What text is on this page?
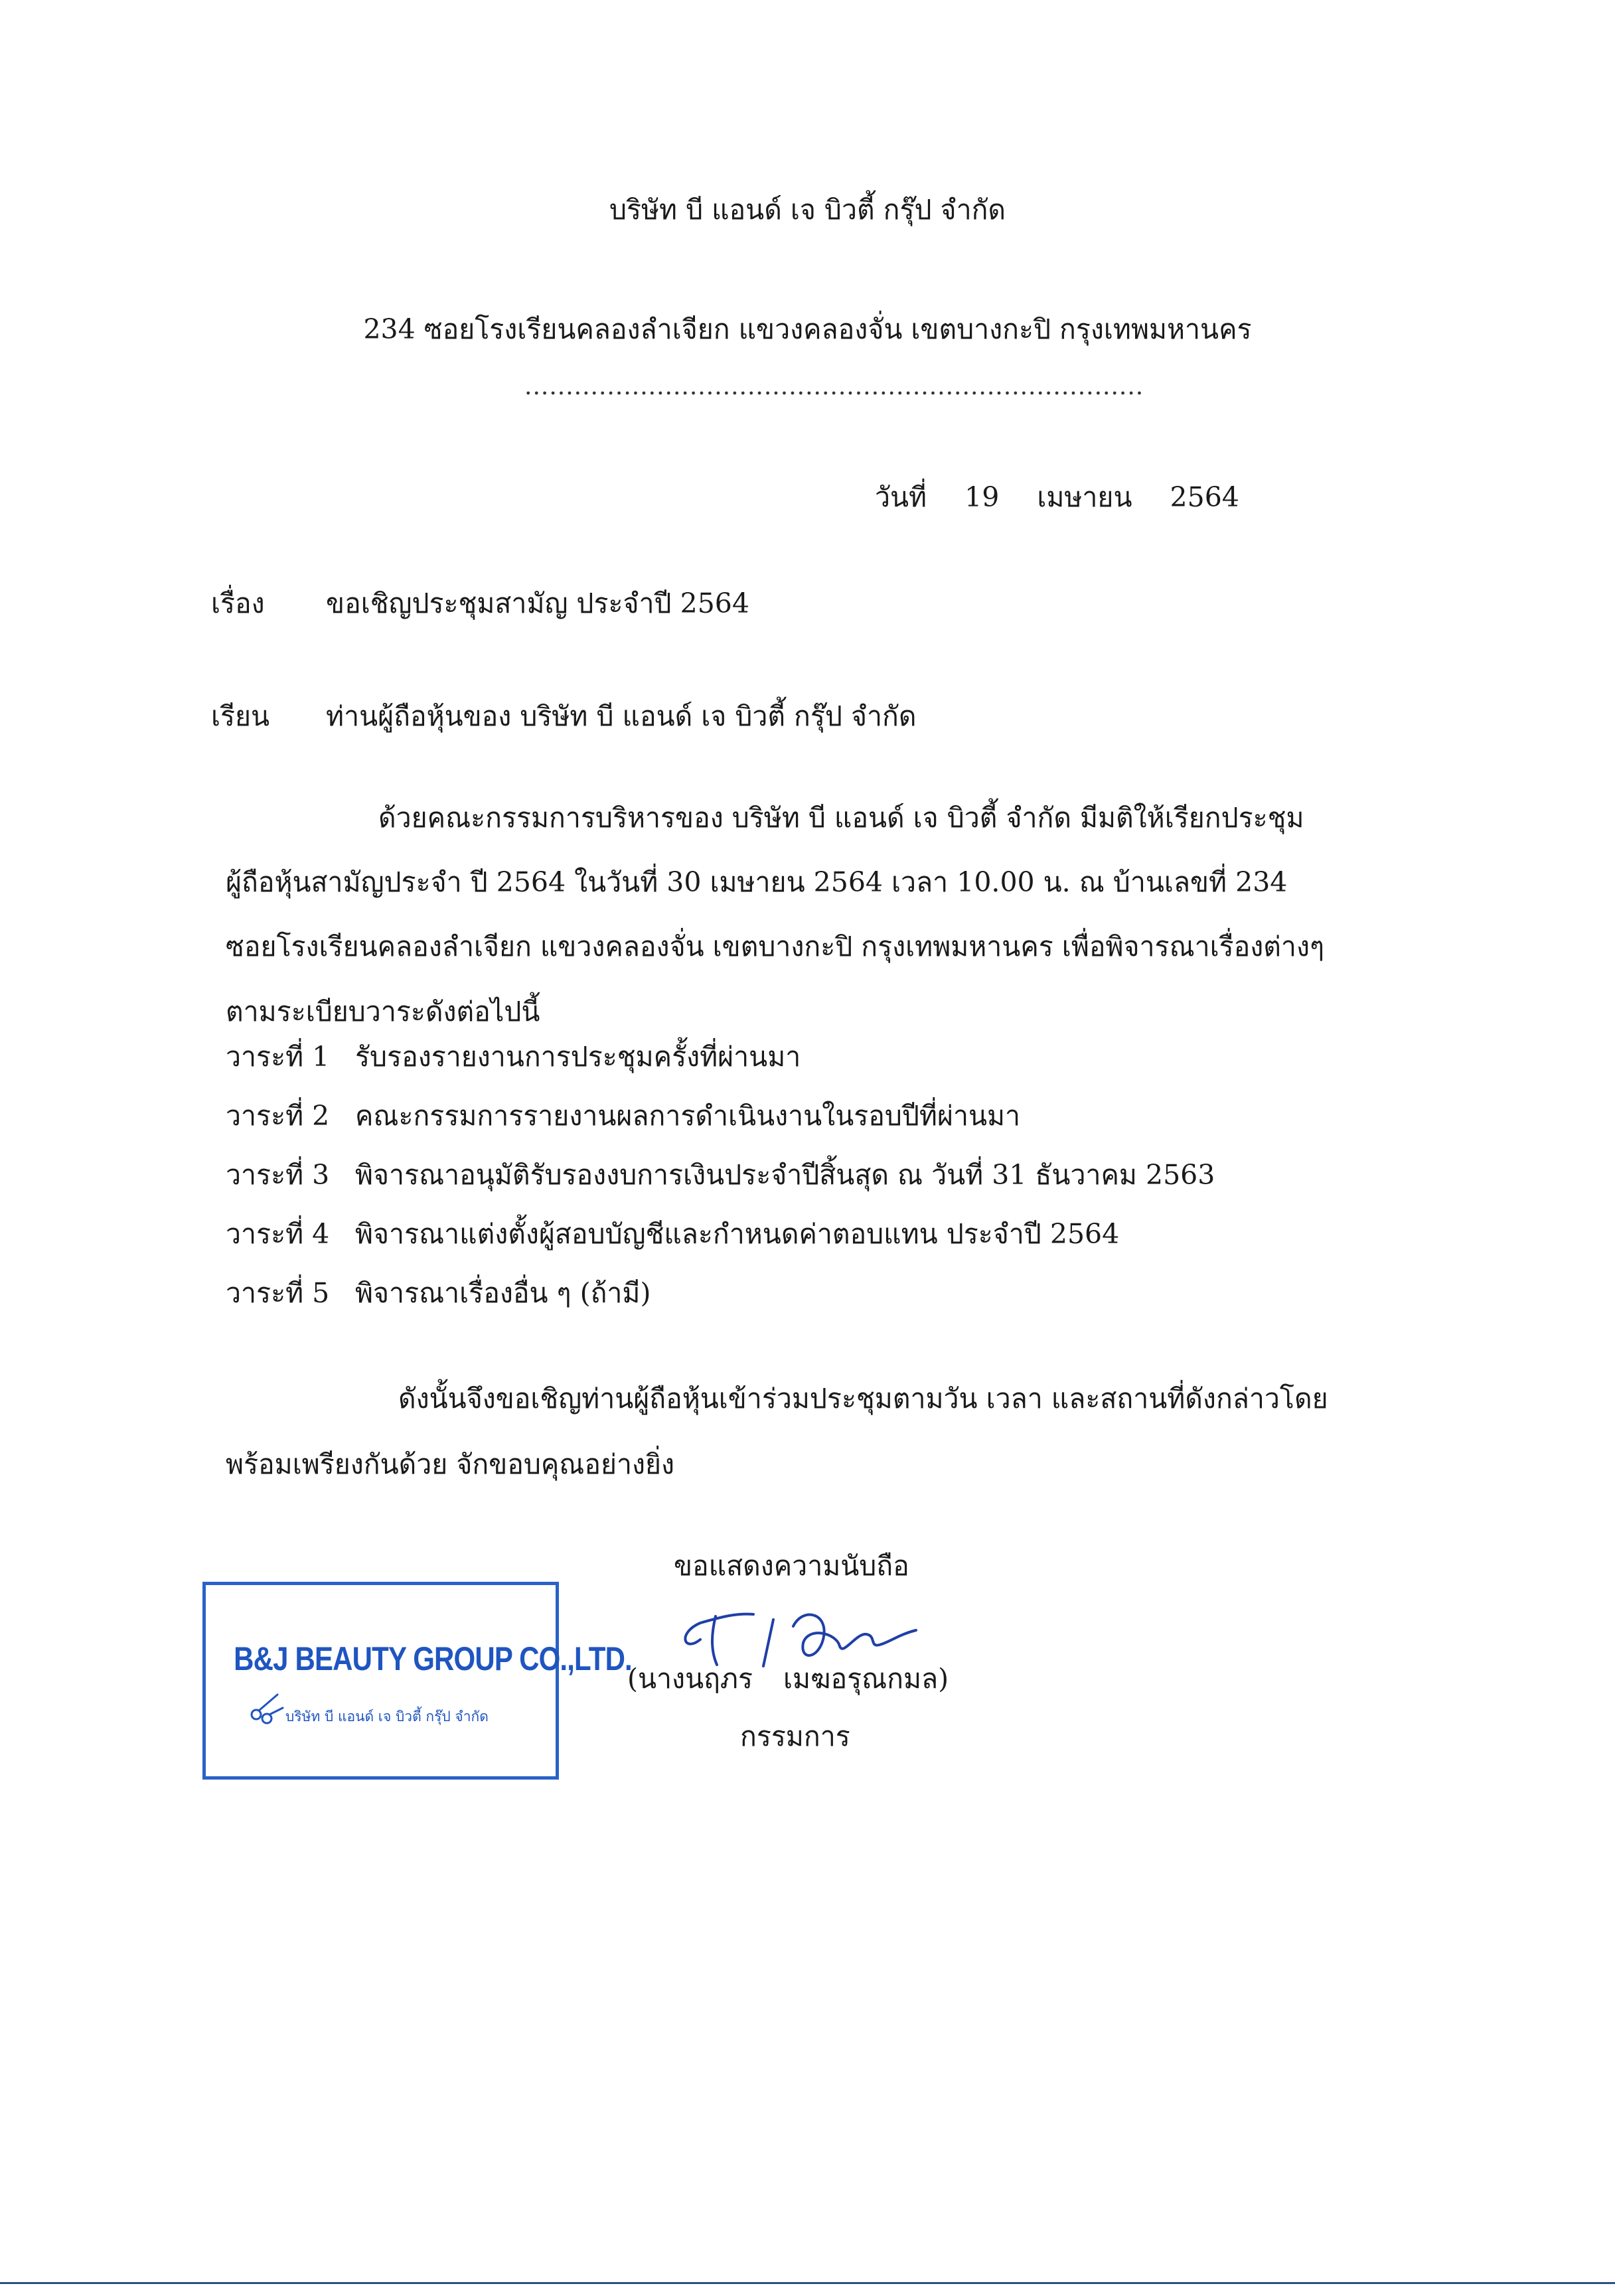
บริษัท บี แอนด์ เจ บิวตี้ กรุ๊ป จำกัด
234 ซอยโรงเรียนคลองลำเจียก แขวงคลองจั่น เขตบางกะปิ กรุงเทพมหานคร
...........................................................................
วันที่ 19 เมษายน 2564
เรื่อง ขอเชิญประชุมสามัญ ประจำปี 2564
เรียน ท่านผู้ถือหุ้นของ บริษัท บี แอนด์ เจ บิวตี้ กรุ๊ป จำกัด
ด้วยคณะกรรมการบริหารของ บริษัท บี แอนด์ เจ บิวตี้ จำกัด มีมติให้เรียกประชุม
ผู้ถือหุ้นสามัญประจำ ปี 2564 ในวันที่ 30 เมษายน 2564 เวลา 10.00 น. ณ บ้านเลขที่ 234
ซอยโรงเรียนคลองลำเจียก แขวงคลองจั่น เขตบางกะปิ กรุงเทพมหานคร เพื่อพิจารณาเรื่องต่างๆ
ตามระเบียบวาระดังต่อไปนี้
วาระที่ 1 รับรองรายงานการประชุมครั้งที่ผ่านมา
วาระที่ 2 คณะกรรมการรายงานผลการดำเนินงานในรอบปีที่ผ่านมา
วาระที่ 3 พิจารณาอนุมัติรับรองงบการเงินประจำปีสิ้นสุด ณ วันที่ 31 ธันวาคม 2563
วาระที่ 4 พิจารณาแต่งตั้งผู้สอบบัญชีและกำหนดค่าตอบแทน ประจำปี 2564
วาระที่ 5 พิจารณาเรื่องอื่น ๆ (ถ้ามี)
ดังนั้นจึงขอเชิญท่านผู้ถือหุ้นเข้าร่วมประชุมตามวัน เวลา และสถานที่ดังกล่าวโดย
พร้อมเพรียงกันด้วย จักขอบคุณอย่างยิ่ง
ขอแสดงความนับถือ
(นางนฤภร เมฆอรุณกมล)
กรรมการ
B&J BEAUTY GROUP CO.,LTD.
บริษัท บี แอนด์ เจ บิวตี้ กรุ๊ป จำกัด
